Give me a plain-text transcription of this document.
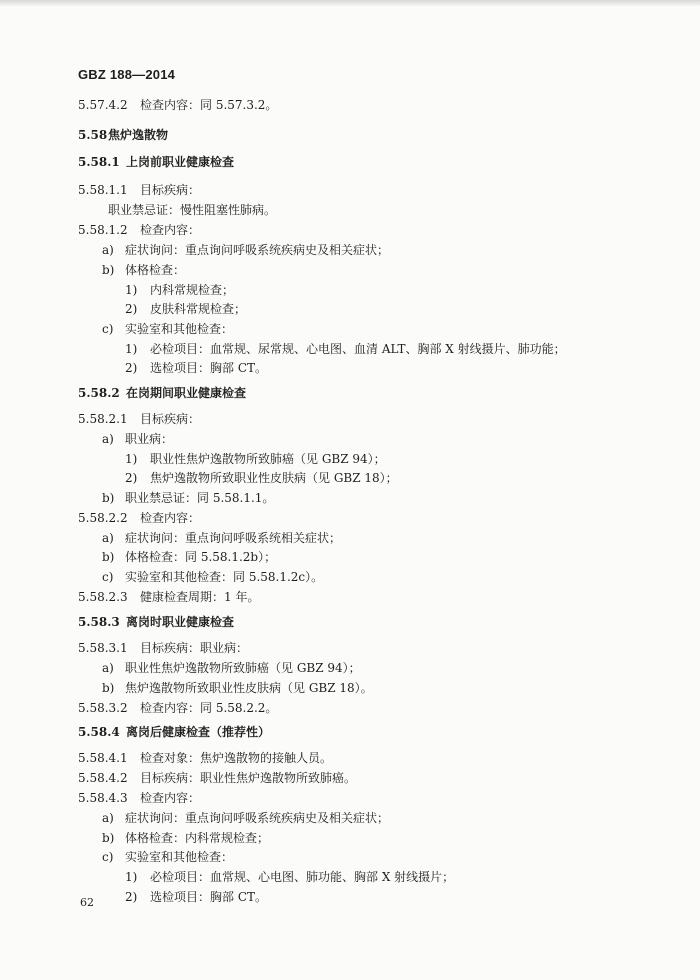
GBZ 188—2014
5.57.4.2 检查内容：同 5.57.3.2。
5.58 焦炉逸散物
5.58.1 上岗前职业健康检查
5.58.1.1 目标疾病：
职业禁忌证：慢性阻塞性肺病。
5.58.1.2 检查内容：
a) 症状询问：重点询问呼吸系统疾病史及相关症状；
b) 体格检查：
1) 内科常规检查；
2) 皮肤科常规检查；
c) 实验室和其他检查：
1) 必检项目：血常规、尿常规、心电图、血清 ALT、胸部 X 射线摄片、肺功能；
2) 选检项目：胸部 CT。
5.58.2 在岗期间职业健康检查
5.58.2.1 目标疾病：
a) 职业病：
1) 职业性焦炉逸散物所致肺癌（见 GBZ 94）；
2) 焦炉逸散物所致职业性皮肤病（见 GBZ 18）；
b) 职业禁忌证：同 5.58.1.1。
5.58.2.2 检查内容：
a) 症状询问：重点询问呼吸系统相关症状；
b) 体格检查：同 5.58.1.2b）；
c) 实验室和其他检查：同 5.58.1.2c）。
5.58.2.3 健康检查周期：1 年。
5.58.3 离岗时职业健康检查
5.58.3.1 目标疾病：职业病：
a) 职业性焦炉逸散物所致肺癌（见 GBZ 94）；
b) 焦炉逸散物所致职业性皮肤病（见 GBZ 18）。
5.58.3.2 检查内容：同 5.58.2.2。
5.58.4 离岗后健康检查（推荐性）
5.58.4.1 检查对象：焦炉逸散物的接触人员。
5.58.4.2 目标疾病：职业性焦炉逸散物所致肺癌。
5.58.4.3 检查内容：
a) 症状询问：重点询问呼吸系统疾病史及相关症状；
b) 体格检查：内科常规检查；
c) 实验室和其他检查：
1) 必检项目：血常规、心电图、肺功能、胸部 X 射线摄片；
2) 选检项目：胸部 CT。
62
